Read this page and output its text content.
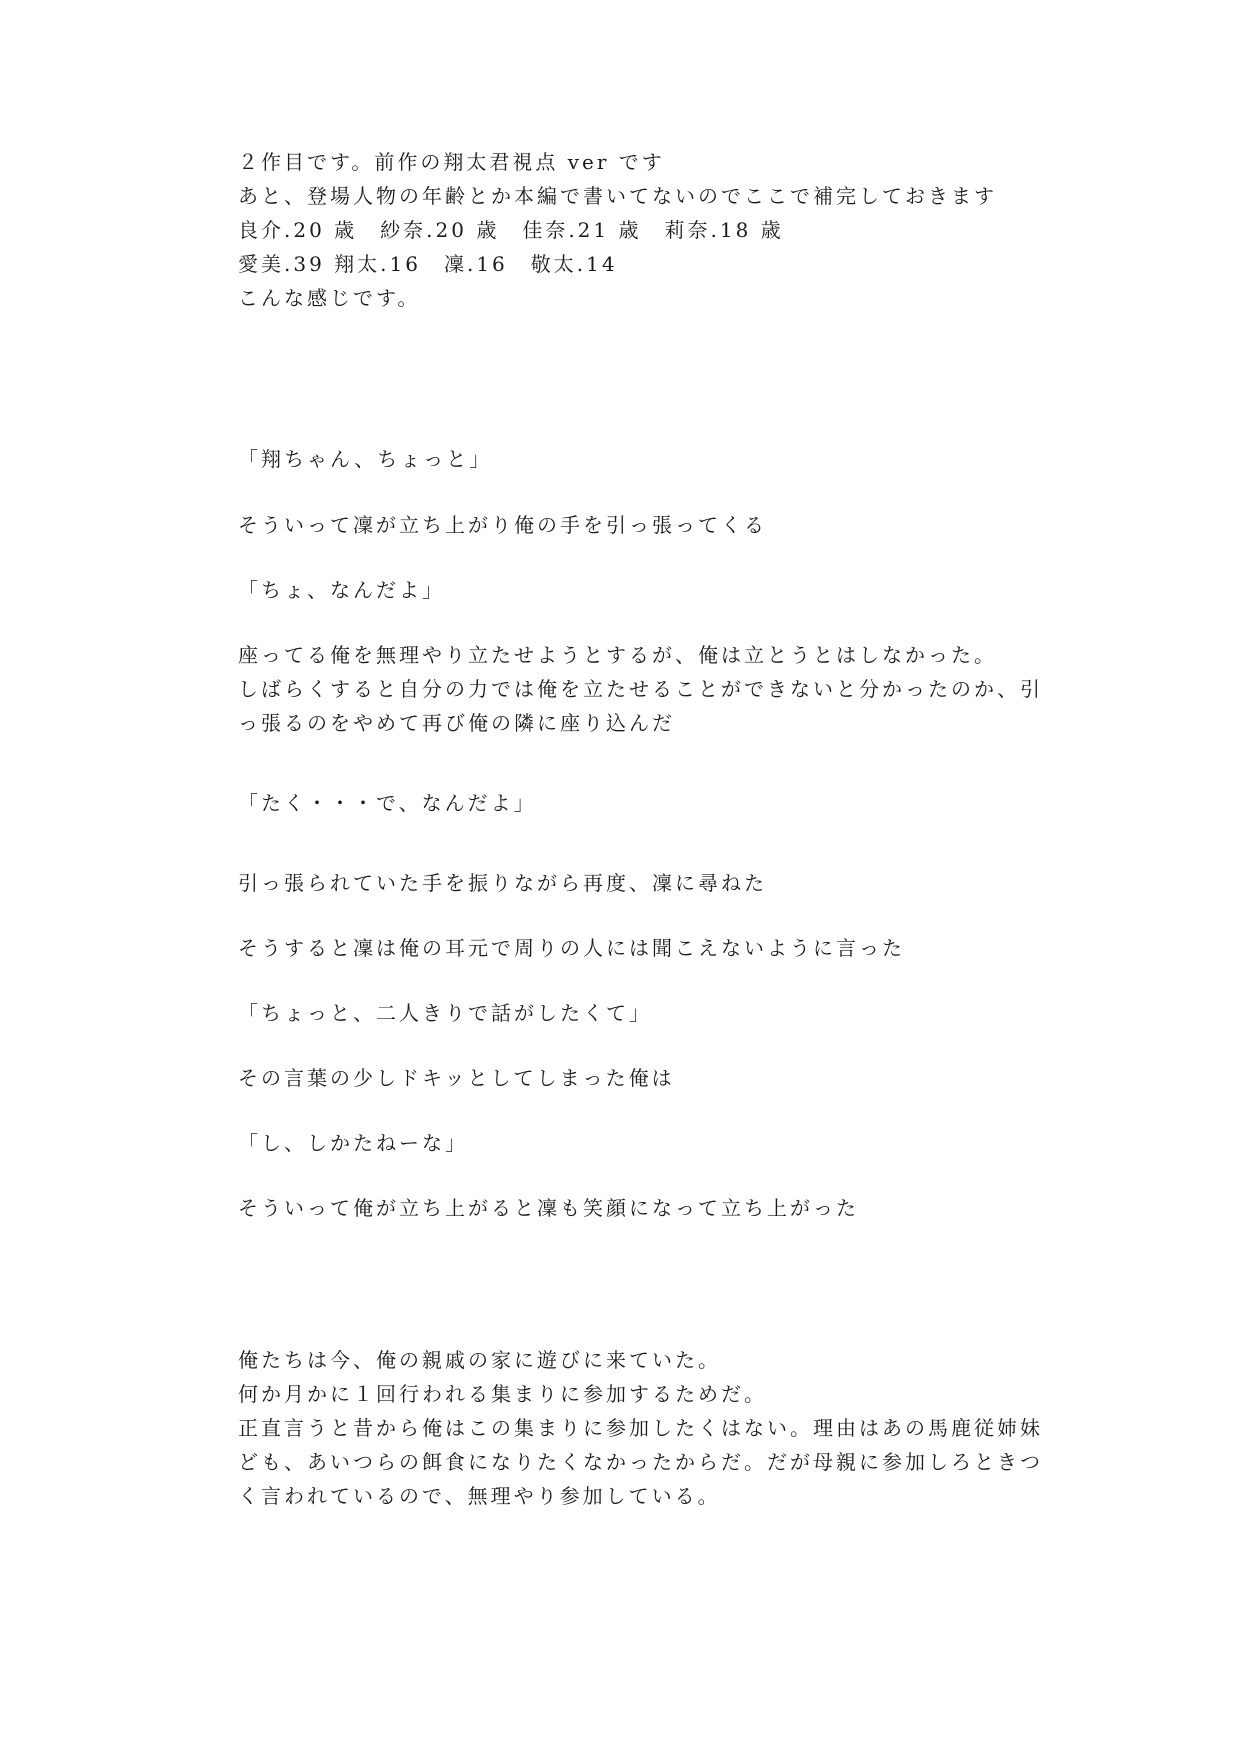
２作目です。前作の翔太君視点 ver です
あと、登場人物の年齢とか本編で書いてないのでここで補完しておきます
良介.20 歳　紗奈.20 歳　佳奈.21 歳　莉奈.18 歳
愛美.39 翔太.16　凜.16　敬太.14
こんな感じです。
「翔ちゃん、ちょっと」
そういって凜が立ち上がり俺の手を引っ張ってくる
「ちょ、なんだよ」
座ってる俺を無理やり立たせようとするが、俺は立とうとはしなかった。
しばらくすると自分の力では俺を立たせることができないと分かったのか、引
っ張るのをやめて再び俺の隣に座り込んだ
「たく・・・で、なんだよ」
引っ張られていた手を振りながら再度、凜に尋ねた
そうすると凜は俺の耳元で周りの人には聞こえないように言った
「ちょっと、二人きりで話がしたくて」
その言葉の少しドキッとしてしまった俺は
「し、しかたねーな」
そういって俺が立ち上がると凜も笑顔になって立ち上がった
俺たちは今、俺の親戚の家に遊びに来ていた。
何か月かに１回行われる集まりに参加するためだ。
正直言うと昔から俺はこの集まりに参加したくはない。理由はあの馬鹿従姉妹
ども、あいつらの餌食になりたくなかったからだ。だが母親に参加しろときつ
く言われているので、無理やり参加している。
